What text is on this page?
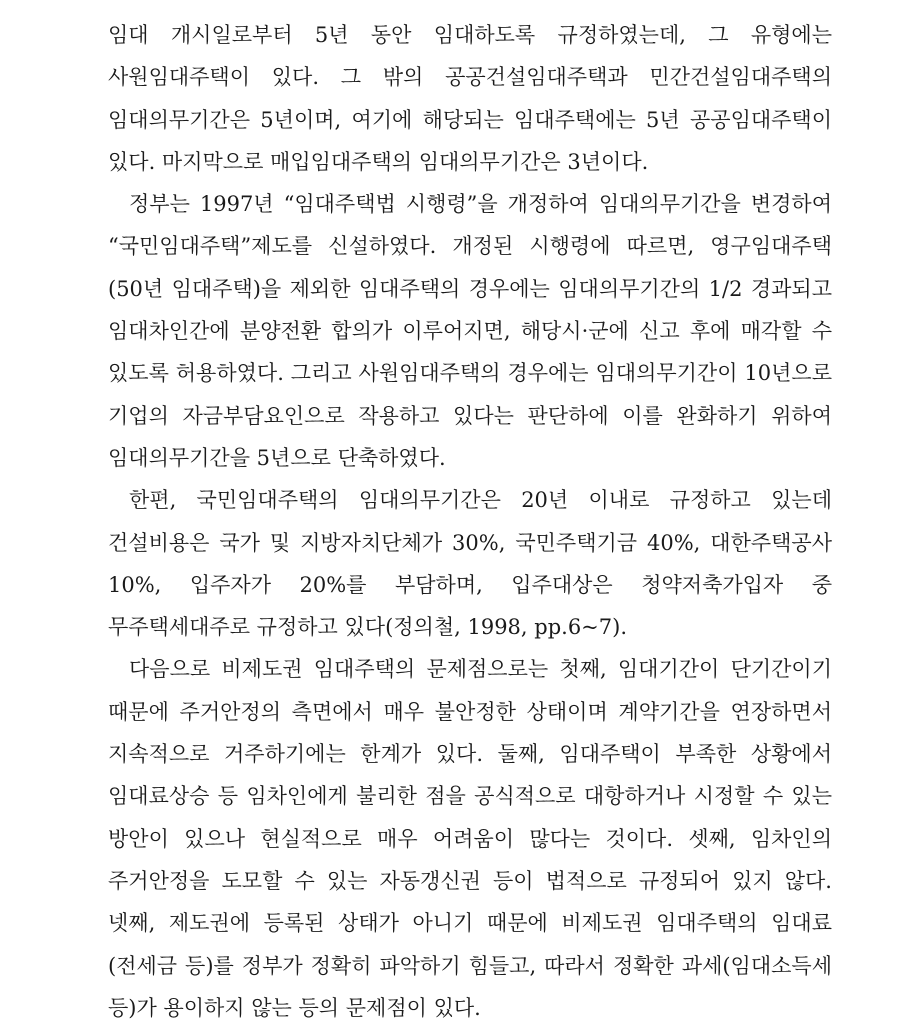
임대 개시일로부터 5년 동안 임대하도록 규정하였는데, 그 유형에는 사원임대주택이 있다. 그 밖의 공공건설임대주택과 민간건설임대주택의 임대의무기간은 5년이며, 여기에 해당되는 임대주택에는 5년 공공임대주택이 있다. 마지막으로 매입임대주택의 임대의무기간은 3년이다.

정부는 1997년 “임대주택법 시행령”을 개정하여 임대의무기간을 변경하여 “국민임대주택”제도를 신설하였다. 개정된 시행령에 따르면, 영구임대주택(50년 임대주택)을 제외한 임대주택의 경우에는 임대의무기간의 1/2 경과되고 임대차인간에 분양전환 합의가 이루어지면, 해당시·군에 신고 후에 매각할 수 있도록 허용하였다. 그리고 사원임대주택의 경우에는 임대의무기간이 10년으로 기업의 자금부담요인으로 작용하고 있다는 판단하에 이를 완화하기 위하여 임대의무기간을 5년으로 단축하였다.

한편, 국민임대주택의 임대의무기간은 20년 이내로 규정하고 있는데 건설비용은 국가 및 지방자치단체가 30%, 국민주택기금 40%, 대한주택공사 10%, 입주자가 20%를 부담하며, 입주대상은 청약저축가입자 중 무주택세대주로 규정하고 있다(정의철, 1998, pp.6~7).

다음으로 비제도권 임대주택의 문제점으로는 첫째, 임대기간이 단기간이기 때문에 주거안정의 측면에서 매우 불안정한 상태이며 계약기간을 연장하면서 지속적으로 거주하기에는 한계가 있다. 둘째, 임대주택이 부족한 상황에서 임대료상승 등 임차인에게 불리한 점을 공식적으로 대항하거나 시정할 수 있는 방안이 있으나 현실적으로 매우 어려움이 많다는 것이다. 셋째, 임차인의 주거안정을 도모할 수 있는 자동갱신권 등이 법적으로 규정되어 있지 않다. 넷째, 제도권에 등록된 상태가 아니기 때문에 비제도권 임대주택의 임대료(전세금 등)를 정부가 정확히 파악하기 힘들고, 따라서 정확한 과세(임대소득세 등)가 용이하지 않는 등의 문제점이 있다.
